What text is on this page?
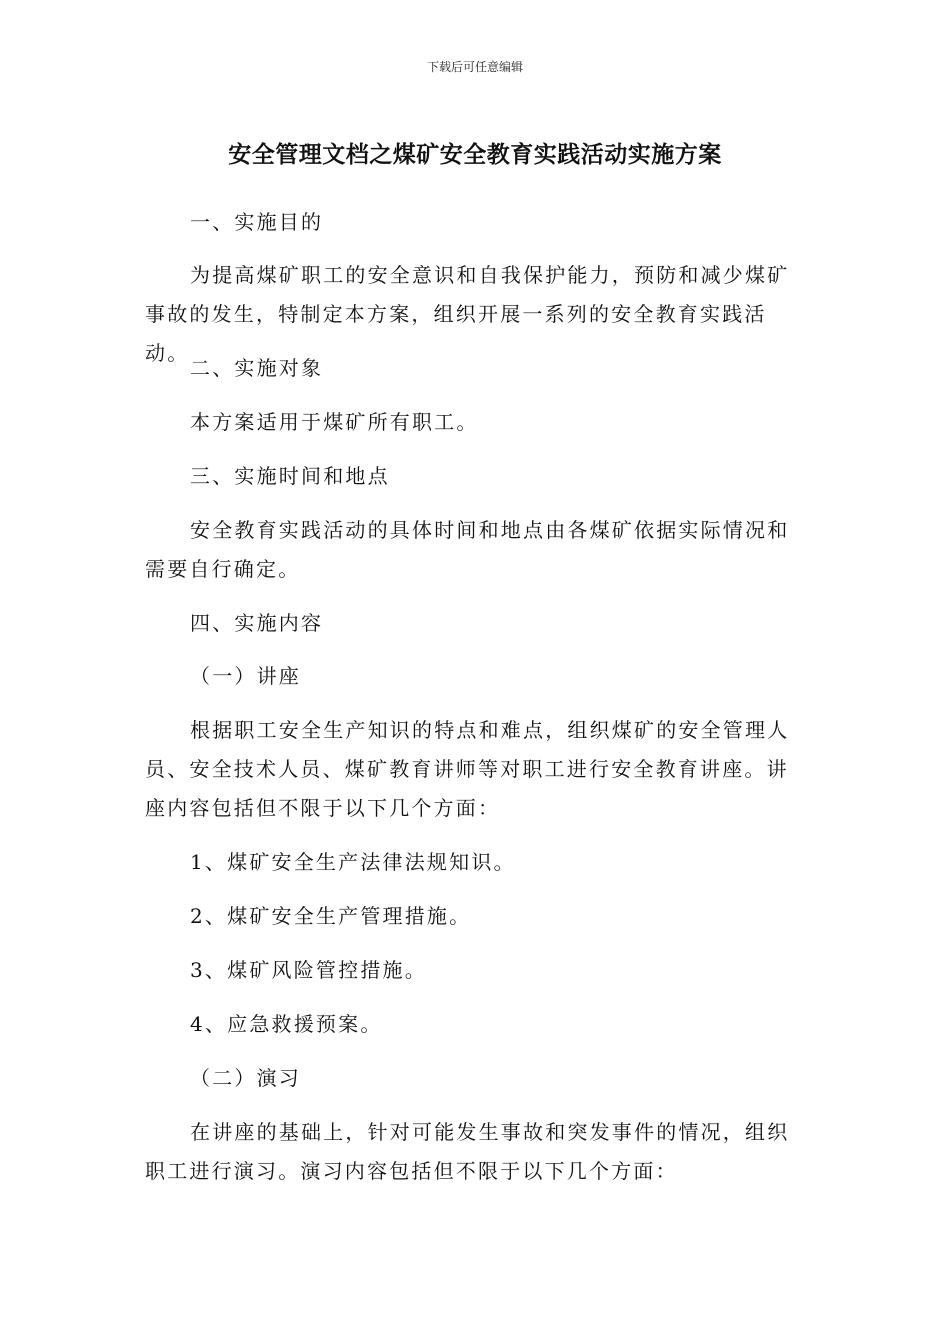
下载后可任意编辑
安全管理文档之煤矿安全教育实践活动实施方案

一、实施目的

为提高煤矿职工的安全意识和自我保护能力，预防和减少煤矿事故的发生，特制定本方案，组织开展一系列的安全教育实践活动。

二、实施对象

本方案适用于煤矿所有职工。

三、实施时间和地点

安全教育实践活动的具体时间和地点由各煤矿依据实际情况和需要自行确定。

四、实施内容

（一）讲座

根据职工安全生产知识的特点和难点，组织煤矿的安全管理人员、安全技术人员、煤矿教育讲师等对职工进行安全教育讲座。讲座内容包括但不限于以下几个方面：

1、煤矿安全生产法律法规知识。

2、煤矿安全生产管理措施。

3、煤矿风险管控措施。

4、应急救援预案。

（二）演习

在讲座的基础上，针对可能发生事故和突发事件的情况，组织职工进行演习。演习内容包括但不限于以下几个方面：
